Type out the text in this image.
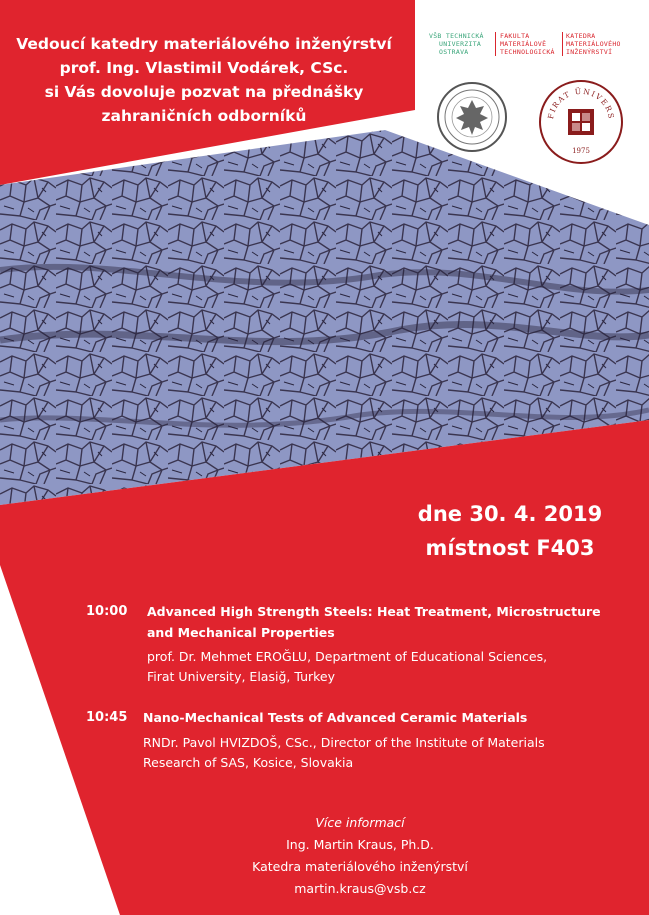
Vedoucí katedry materiálového inženýrství
prof. Ing. Vlastimil Vodárek, CSc.
si Vás dovoluje pozvat na přednášky
zahraničních odborníků
VŠB TECHNICKÁ
UNIVERZITA
OSTRAVA
FAKULTA
MATERIÁLOVĚ
TECHNOLOGICKÁ
KATEDRA
MATERIÁLOVÉHO
INŽENÝRSTVÍ
FIRAT ÜNIVERS
1975
dne 30. 4. 2019
místnost F403
10:00 Advanced High Strength Steels: Heat Treatment, Microstructure
and Mechanical Properties
prof. Dr. Mehmet EROĞLU, Department of Educational Sciences,
Firat University, Elasiğ, Turkey
10:45 Nano-Mechanical Tests of Advanced Ceramic Materials
RNDr. Pavol HVIZDOŠ, CSc., Director of the Institute of Materials
Research of SAS, Kosice, Slovakia
Více informací
Ing. Martin Kraus, Ph.D.
Katedra materiálového inženýrství
martin.kraus@vsb.cz
